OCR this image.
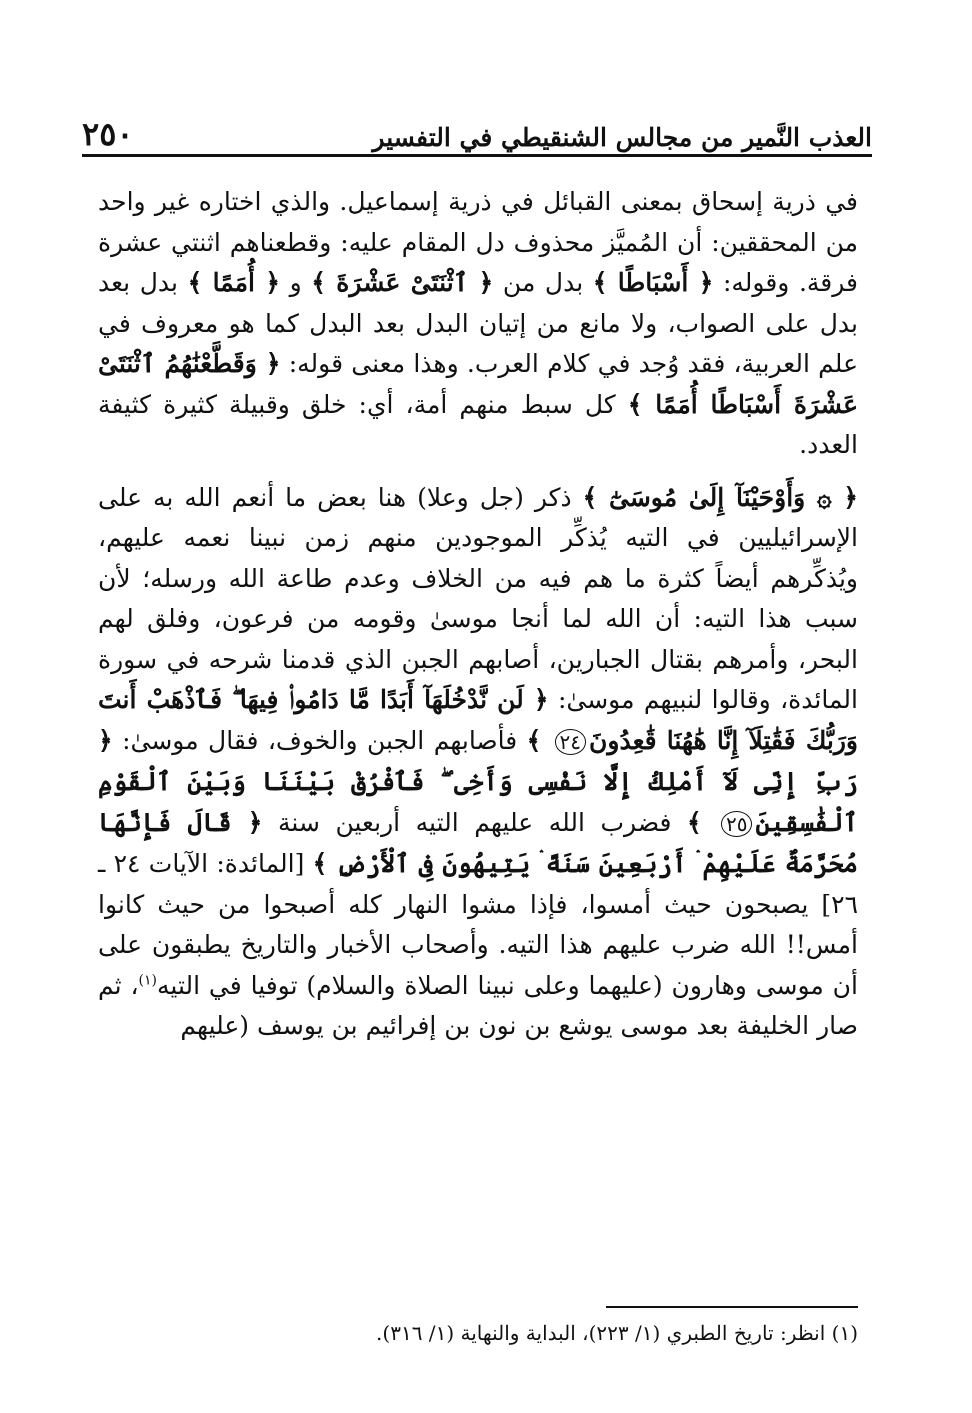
٢٥٠	العذب النَّمير من مجالس الشنقيطي في التفسير

في ذرية إسحاق بمعنى القبائل في ذرية إسماعيل. والذي اختاره غير واحد من المحققين: أن المُميَّز محذوف دل المقام عليه: وقطعناهم اثنتي عشرة فرقة. وقوله: ﴿ أَسْبَاطًا ﴾ بدل من ﴿ ٱثْنَتَىْ عَشْرَةَ ﴾ و ﴿ أُمَمًا ﴾ بدل بعد بدل على الصواب، ولا مانع من إتيان البدل بعد البدل كما هو معروف في علم العربية، فقد وُجد في كلام العرب. وهذا معنى قوله: ﴿ وَقَطَّعْنَٰهُمُ ٱثْنَتَىْ عَشْرَةَ أَسْبَاطًا أُمَمًا ﴾ كل سبط منهم أمة، أي: خلق وقبيلة كثيرة كثيفة العدد.

﴿ ۞ وَأَوْحَيْنَآ إِلَىٰ مُوسَىٰٓ ﴾ ذكر (جل وعلا) هنا بعض ما أنعم الله به على الإسرائيليين في التيه يُذكِّر الموجودين منهم زمن نبينا نعمه عليهم، ويُذكِّرهم أيضاً كثرة ما هم فيه من الخلاف وعدم طاعة الله ورسله؛ لأن سبب هذا التيه: أن الله لما أنجا موسىٰ وقومه من فرعون، وفلق لهم البحر، وأمرهم بقتال الجبارين، أصابهم الجبن الذي قدمنا شرحه في سورة المائدة، وقالوا لنبيهم موسىٰ: ﴿ لَن نَّدْخُلَهَآ أَبَدًا مَّا دَامُوا۟ فِيهَا ۖ فَٱذْهَبْ أَنتَ وَرَبُّكَ فَقَٰتِلَآ إِنَّا هَٰهُنَا قَٰعِدُونَ٢٤ ﴾ فأصابهم الجبن والخوف، فقال موسىٰ: ﴿ رَبِّ إِنِّى لَآ أَمْلِكُ إِلَّا نَفْسِى وَأَخِى ۖ فَٱفْرُقْ بَيْنَنَا وَبَيْنَ ٱلْقَوْمِ ٱلْفَٰسِقِينَ٢٥ ﴾ فضرب الله عليهم التيه أربعين سنة ﴿ قَالَ فَإِنَّهَا مُحَرَّمَةٌ عَلَيْهِمْ ۛ أَرْبَعِينَ سَنَةً ۛ يَتِيهُونَ فِى ٱلْأَرْضِ ﴾ [المائدة: الآيات ٢٤ ـ ٢٦] يصبحون حيث أمسوا، فإذا مشوا النهار كله أصبحوا من حيث كانوا أمس!! الله ضرب عليهم هذا التيه. وأصحاب الأخبار والتاريخ يطبقون على أن موسى وهارون (عليهما وعلى نبينا الصلاة والسلام) توفيا في التيه$^{(١)}$، ثم صار الخليفة بعد موسى يوشع بن نون بن إفرائيم بن يوسف (عليهم

(١) انظر: تاريخ الطبري (١/ ٢٢٣)، البداية والنهاية (١/ ٣١٦).
